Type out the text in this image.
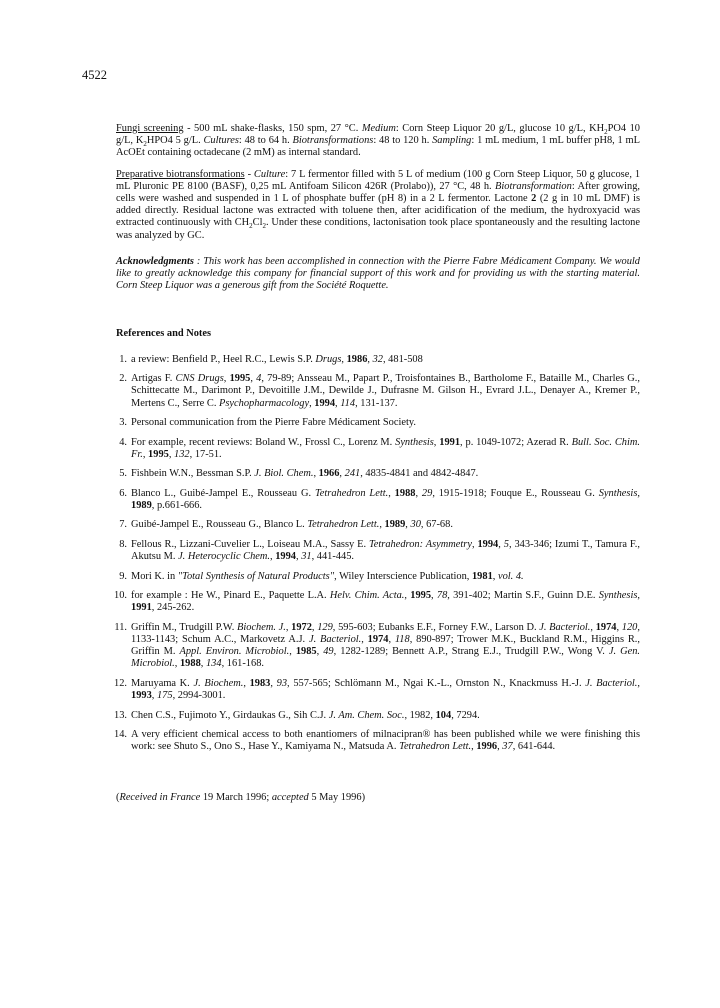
4522

Fungi screening - 500 mL shake-flasks, 150 spm, 27 °C. Medium: Corn Steep Liquor 20 g/L, glucose 10 g/L, $KH_2PO4$ 10 g/L, $K_2HPO4$ 5 g/L. Cultures: 48 to 64 h. Biotransformations: 48 to 120 h. Sampling: 1 mL medium, 1 mL buffer pH8, 1 mL AcOEt containing octadecane (2 mM) as internal standard.

Preparative biotransformations - Culture: 7 L fermentor filled with 5 L of medium (100 g Corn Steep Liquor, 50 g glucose, 1 mL Pluronic PE 8100 (BASF), 0,25 mL Antifoam Silicon 426R (Prolabo)), 27 °C, 48 h. Biotransformation: After growing, cells were washed and suspended in 1 L of phosphate buffer (pH 8) in a 2 L fermentor. Lactone 2 (2 g in 10 mL DMF) is added directly. Residual lactone was extracted with toluene then, after acidification of the medium, the hydroxyacid was extracted continuously with $CH_2Cl_2$. Under these conditions, lactonisation took place spontaneously and the resulting lactone was analyzed by GC.

Acknowledgments : This work has been accomplished in connection with the Pierre Fabre Médicament Company. We would like to greatly acknowledge this company for financial support of this work and for providing us with the starting material. Corn Steep Liquor was a generous gift from the Société Roquette.

References and Notes
1. a review: Benfield P., Heel R.C., Lewis S.P. Drugs, 1986, 32, 481-508
2. Artigas F. CNS Drugs, 1995, 4, 79-89; Ansseau M., Papart P., Troisfontaines B., Bartholome F., Bataille M., Charles G., Schittecatte M., Darimont P., Devoitille J.M., Dewilde J., Dufrasne M. Gilson H., Evrard J.L., Denayer A., Kremer P., Mertens C., Serre C. Psychopharmacology, 1994, 114, 131-137.
3. Personal communication from the Pierre Fabre Médicament Society.
4. For example, recent reviews: Boland W., Frossl C., Lorenz M. Synthesis, 1991, p. 1049-1072; Azerad R. Bull. Soc. Chim. Fr., 1995, 132, 17-51.
5. Fishbein W.N., Bessman S.P. J. Biol. Chem., 1966, 241, 4835-4841 and 4842-4847.
6. Blanco L., Guibé-Jampel E., Rousseau G. Tetrahedron Lett., 1988, 29, 1915-1918; Fouque E., Rousseau G. Synthesis, 1989, p.661-666.
7. Guibé-Jampel E., Rousseau G., Blanco L. Tetrahedron Lett., 1989, 30, 67-68.
8. Fellous R., Lizzani-Cuvelier L., Loiseau M.A., Sassy E. Tetrahedron: Asymmetry, 1994, 5, 343-346; Izumi T., Tamura F., Akutsu M. J. Heterocyclic Chem., 1994, 31, 441-445.
9. Mori K. in "Total Synthesis of Natural Products", Wiley Interscience Publication, 1981, vol. 4.
10. for example : He W., Pinard E., Paquette L.A. Helv. Chim. Acta., 1995, 78, 391-402; Martin S.F., Guinn D.E. Synthesis, 1991, 245-262.
11. Griffin M., Trudgill P.W. Biochem. J., 1972, 129, 595-603; Eubanks E.F., Forney F.W., Larson D. J. Bacteriol., 1974, 120, 1133-1143; Schum A.C., Markovetz A.J. J. Bacteriol., 1974, 118, 890-897; Trower M.K., Buckland R.M., Higgins R., Griffin M. Appl. Environ. Microbiol., 1985, 49, 1282-1289; Bennett A.P., Strang E.J., Trudgill P.W., Wong V. J. Gen. Microbiol., 1988, 134, 161-168.
12. Maruyama K. J. Biochem., 1983, 93, 557-565; Schlömann M., Ngai K.-L., Ornston N., Knackmuss H.-J. J. Bacteriol., 1993, 175, 2994-3001.
13. Chen C.S., Fujimoto Y., Girdaukas G., Sih C.J. J. Am. Chem. Soc., 1982, 104, 7294.
14. A very efficient chemical access to both enantiomers of milnacipran® has been published while we were finishing this work: see Shuto S., Ono S., Hase Y., Kamiyama N., Matsuda A. Tetrahedron Lett., 1996, 37, 641-644.
(Received in France 19 March 1996; accepted 5 May 1996)
